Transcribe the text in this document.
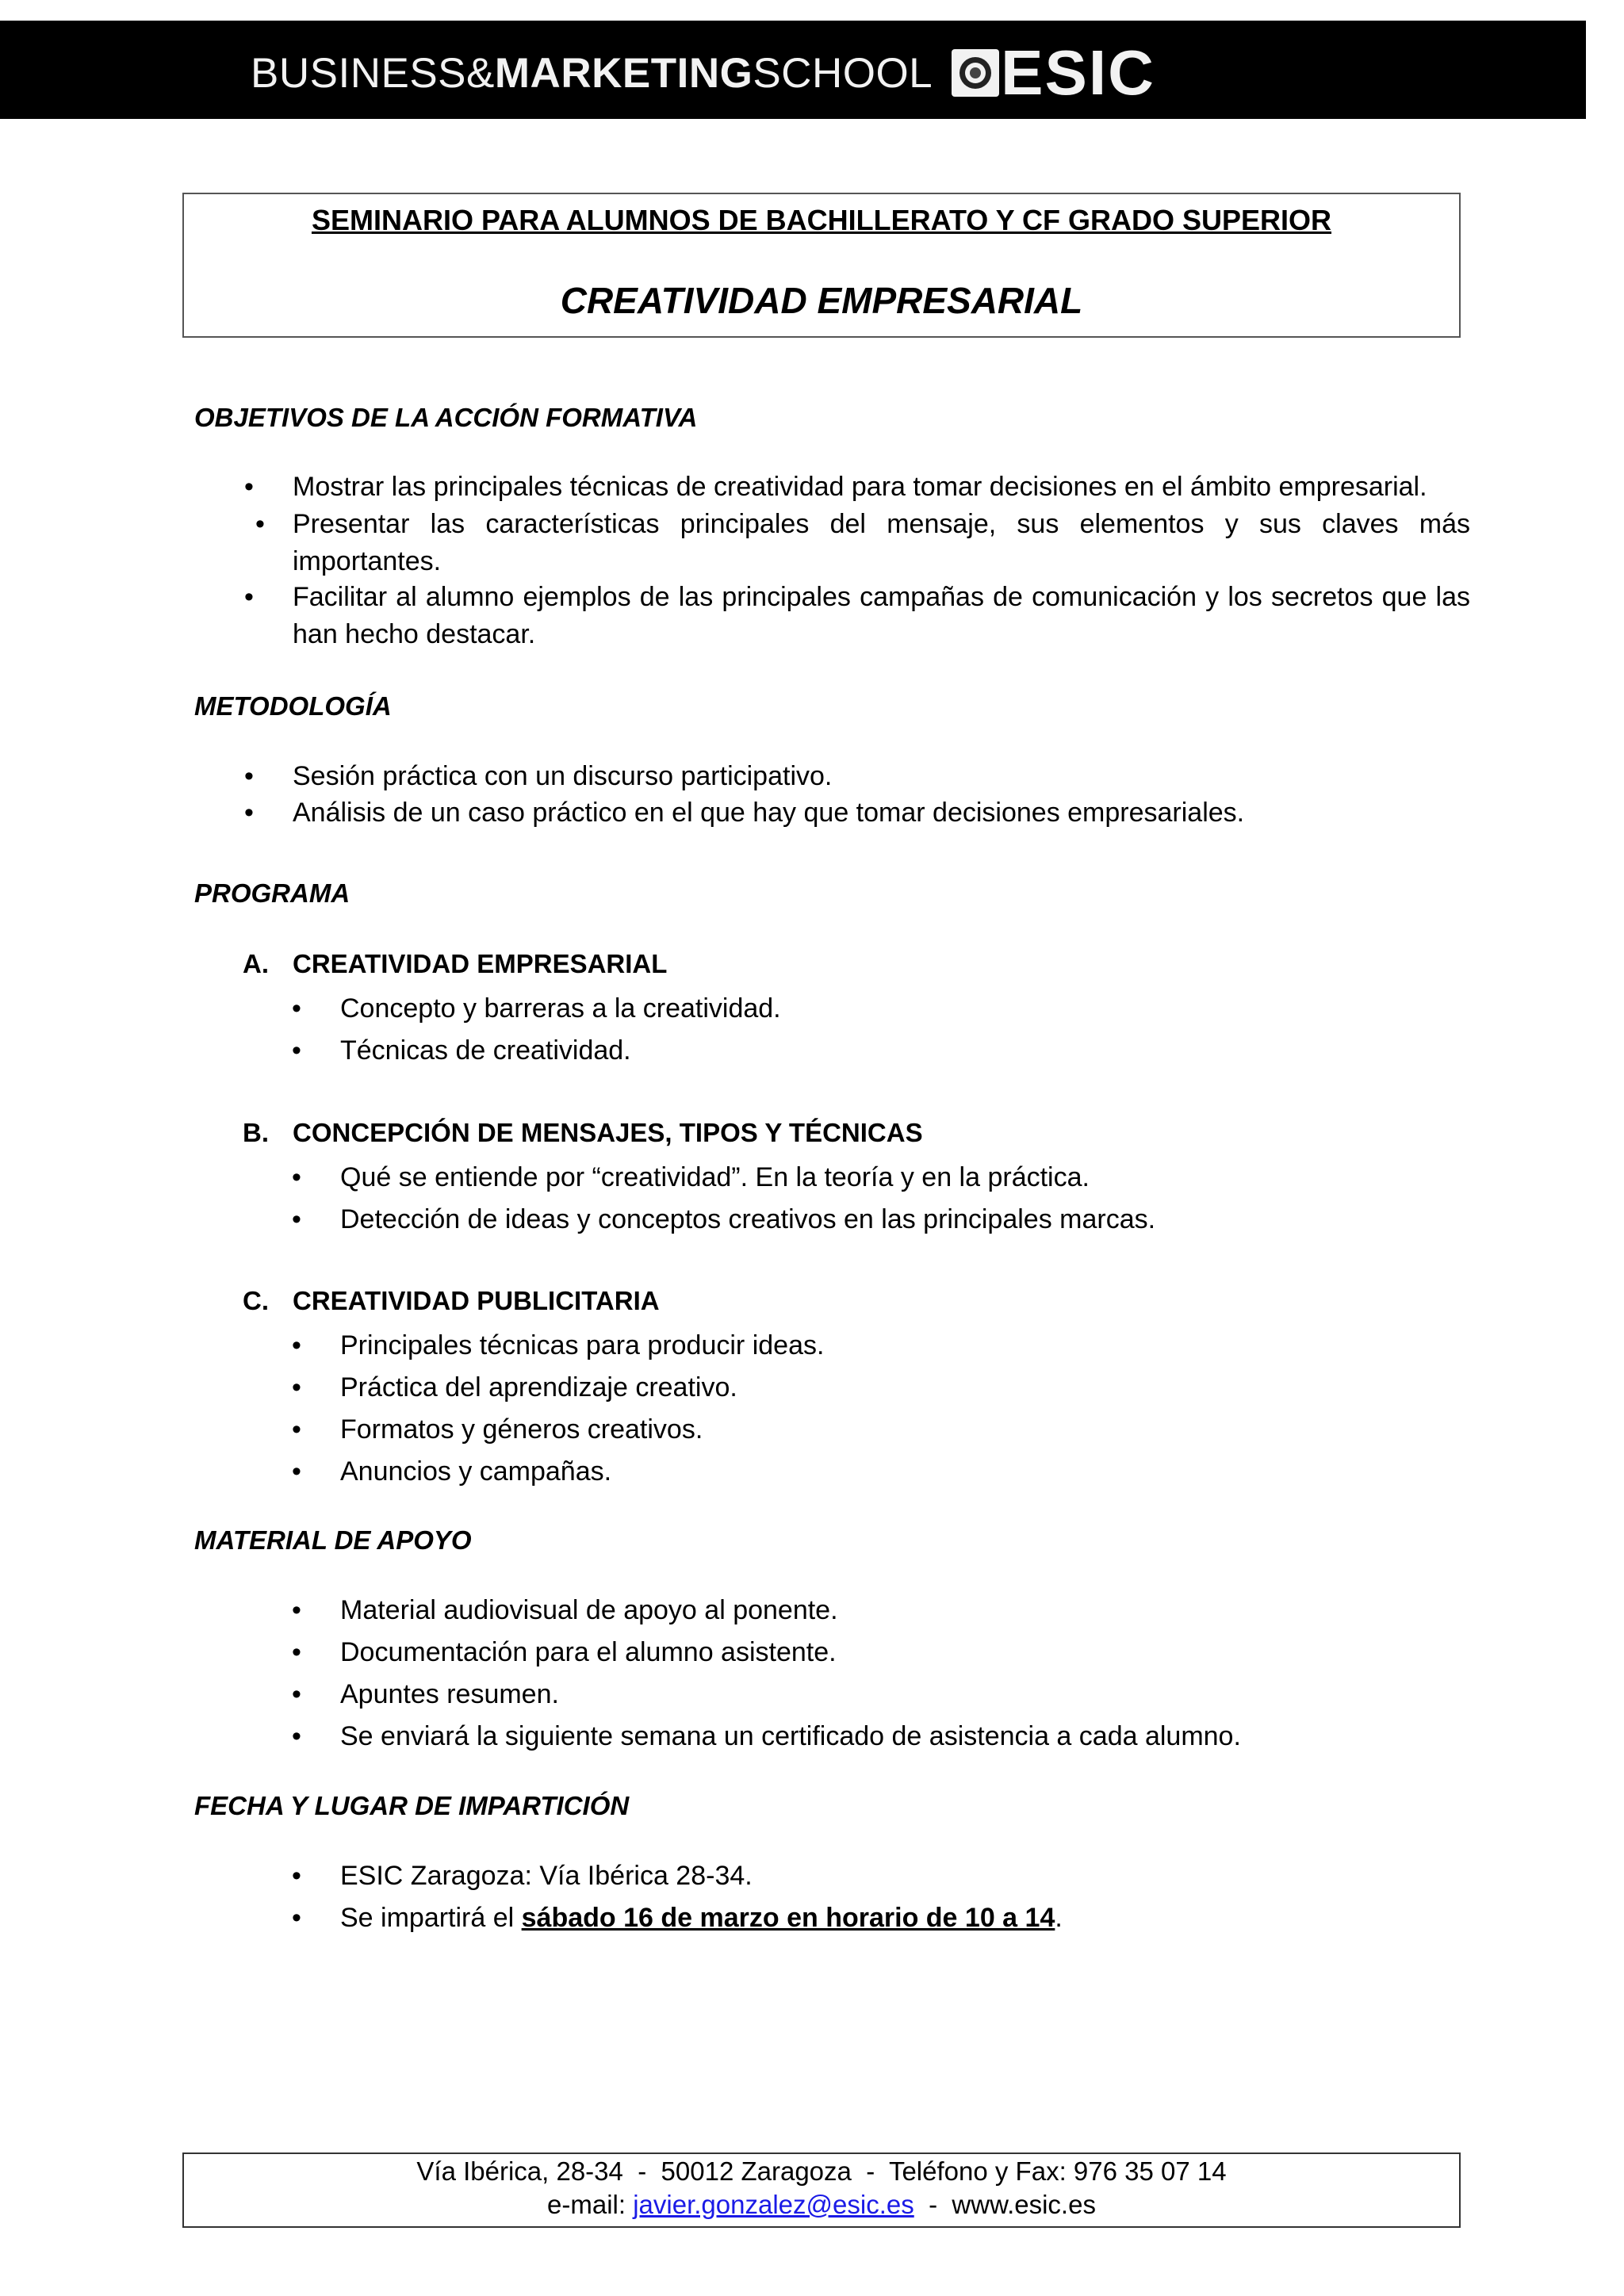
BUSINESS& MARKETING SCHOOL ESIC
SEMINARIO PARA ALUMNOS DE BACHILLERATO Y CF GRADO SUPERIOR
CREATIVIDAD EMPRESARIAL
OBJETIVOS DE LA ACCIÓN FORMATIVA
• Mostrar las principales técnicas de creatividad para tomar decisiones en el ámbito empresarial.
• Presentar las características principales del mensaje, sus elementos y sus claves más
importantes.
• Facilitar al alumno ejemplos de las principales campañas de comunicación y los secretos que las
han hecho destacar.
METODOLOGÍA
• Sesión práctica con un discurso participativo.
• Análisis de un caso práctico en el que hay que tomar decisiones empresariales.
PROGRAMA
A. CREATIVIDAD EMPRESARIAL
• Concepto y barreras a la creatividad.
• Técnicas de creatividad.
B. CONCEPCIÓN DE MENSAJES, TIPOS Y TÉCNICAS
• Qué se entiende por “creatividad”. En la teoría y en la práctica.
• Detección de ideas y conceptos creativos en las principales marcas.
C. CREATIVIDAD PUBLICITARIA
• Principales técnicas para producir ideas.
• Práctica del aprendizaje creativo.
• Formatos y géneros creativos.
• Anuncios y campañas.
MATERIAL DE APOYO
• Material audiovisual de apoyo al ponente.
• Documentación para el alumno asistente.
• Apuntes resumen.
• Se enviará la siguiente semana un certificado de asistencia a cada alumno.
FECHA Y LUGAR DE IMPARTICIÓN
• ESIC Zaragoza: Vía Ibérica 28-34.
• Se impartirá el sábado 16 de marzo en horario de 10 a 14.
Vía Ibérica, 28-34  -  50012 Zaragoza  -  Teléfono y Fax: 976 35 07 14
e-mail: javier.gonzalez@esic.es  -  www.esic.es
